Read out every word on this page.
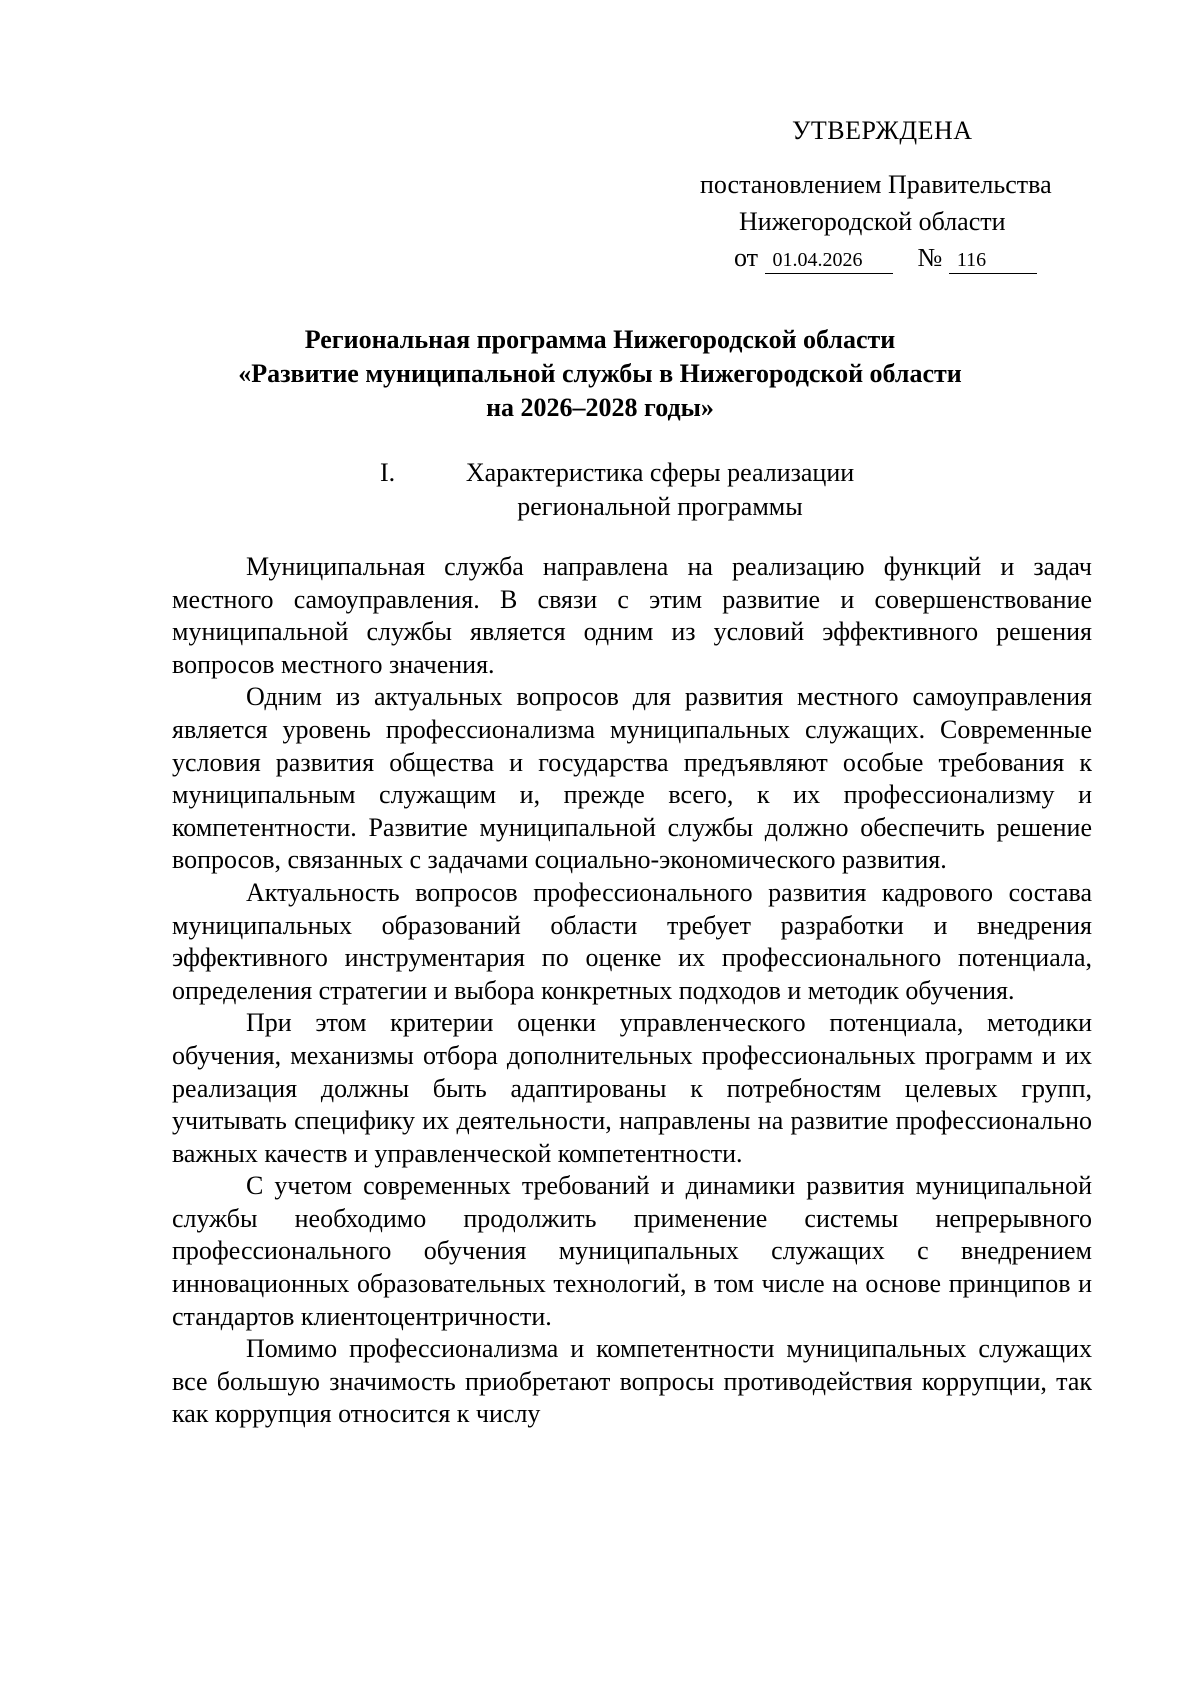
УТВЕРЖДЕНА
постановлением Правительства
Нижегородской области
от 01.04.2026 № 116
Региональная программа Нижегородской области
«Развитие муниципальной службы в Нижегородской области
на 2026–2028 годы»
I.	Характеристика сферы реализации
региональной программы

Муниципальная служба направлена на реализацию функций и задач местного самоуправления. В связи с этим развитие и совершенствование муниципальной службы является одним из условий эффективного решения вопросов местного значения.

Одним из актуальных вопросов для развития местного самоуправления является уровень профессионализма муниципальных служащих. Современные условия развития общества и государства предъявляют особые требования к муниципальным служащим и, прежде всего, к их профессионализму и компетентности. Развитие муниципальной службы должно обеспечить решение вопросов, связанных с задачами социально-экономического развития.

Актуальность вопросов профессионального развития кадрового состава муниципальных образований области требует разработки и внедрения эффективного инструментария по оценке их профессионального потенциала, определения стратегии и выбора конкретных подходов и методик обучения.

При этом критерии оценки управленческого потенциала, методики обучения, механизмы отбора дополнительных профессиональных программ и их реализация должны быть адаптированы к потребностям целевых групп, учитывать специфику их деятельности, направлены на развитие профессионально важных качеств и управленческой компетентности.

С учетом современных требований и динамики развития муниципальной службы необходимо продолжить применение системы непрерывного профессионального обучения муниципальных служащих с внедрением инновационных образовательных технологий, в том числе на основе принципов и стандартов клиентоцентричности.

Помимо профессионализма и компетентности муниципальных служащих все большую значимость приобретают вопросы противодействия коррупции, так как коррупция относится к числу
